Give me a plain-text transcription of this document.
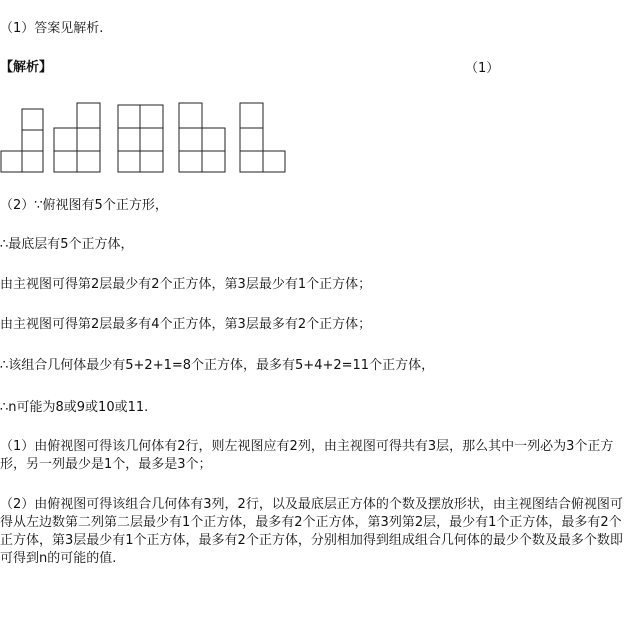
（1）答案见解析.
【解析】	（1）
（2）∵俯视图有5个正方形，
∴最底层有5个正方体，
由主视图可得第2层最少有2个正方体，第3层最少有1个正方体；
由主视图可得第2层最多有4个正方体，第3层最多有2个正方体；
∴该组合几何体最少有5+2+1=8个正方体，最多有5+4+2=11个正方体，
∴n可能为8或9或10或11.
（1）由俯视图可得该几何体有2行，则左视图应有2列，由主视图可得共有3层，那么其中一列必为3个正方形，另一列最少是1个，最多是3个；
（2）由俯视图可得该组合几何体有3列，2行，以及最底层正方体的个数及摆放形状，由主视图结合俯视图可得从左边数第二列第二层最少有1个正方体，最多有2个正方体，第3列第2层，最少有1个正方体，最多有2个正方体，第3层最少有1个正方体，最多有2个正方体，分别相加得到组成组合几何体的最少个数及最多个数即可得到n的可能的值.
